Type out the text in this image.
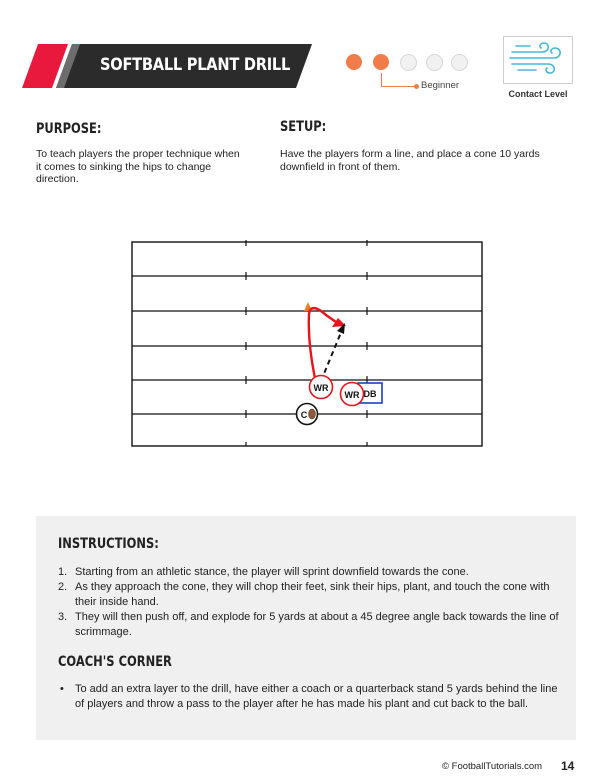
SOFTBALL PLANT DRILL
Beginner
Contact Level
PURPOSE:
To teach players the proper technique when it comes to sinking the hips to change direction.
SETUP:
Have the players form a line, and place a cone 10 yards downfield in front of them.
DB
WR
WR
C
INSTRUCTIONS:
1. Starting from an athletic stance, the player will sprint downfield towards the cone.
2. As they approach the cone, they will chop their feet, sink their hips, plant, and touch the cone with their inside hand.
3. They will then push off, and explode for 5 yards at about a 45 degree angle back towards the line of scrimmage.
COACH'S CORNER
• To add an extra layer to the drill, have either a coach or a quarterback stand 5 yards behind the line of players and throw a pass to the player after he has made his plant and cut back to the ball.
© FootballTutorials.com 14
